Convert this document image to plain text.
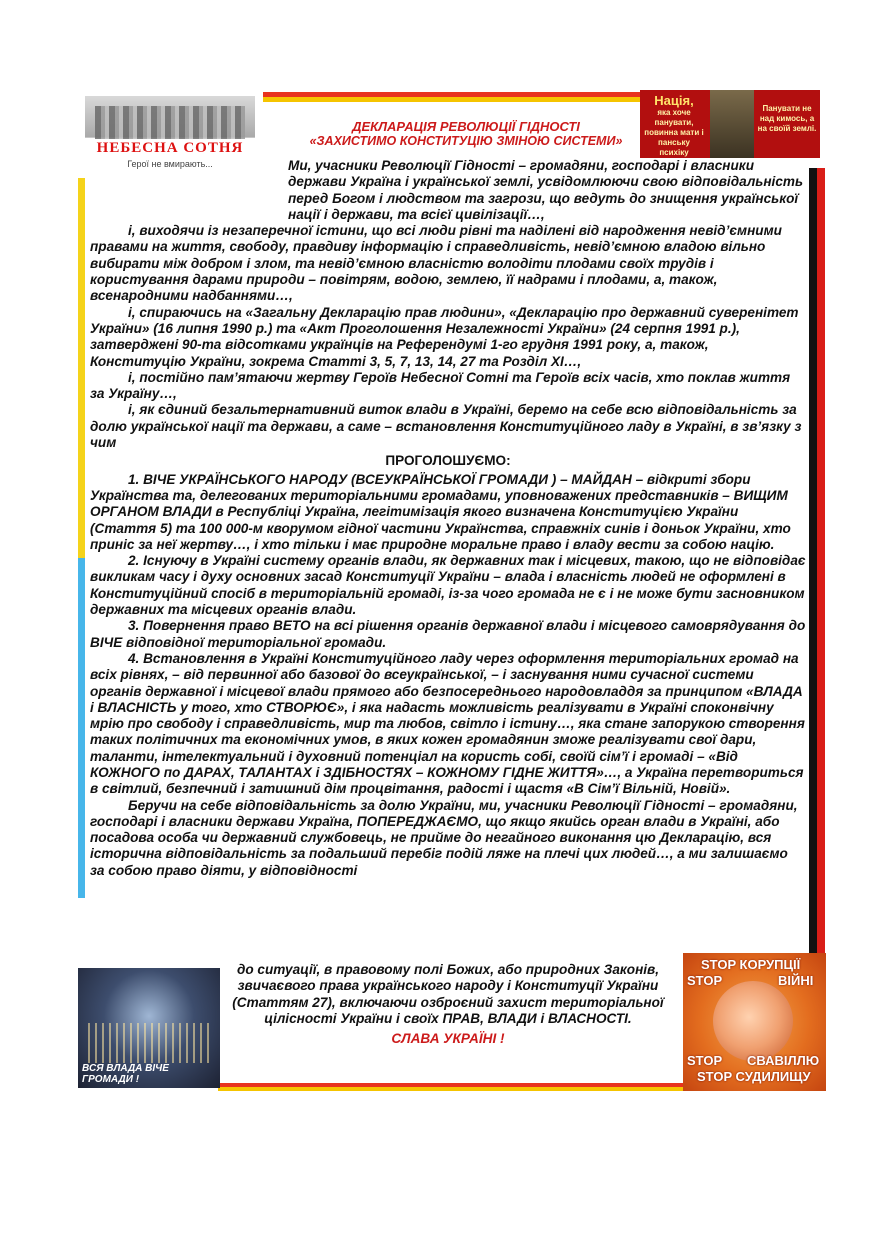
НЕБЕСНА СОТНЯ
Герої не вмирають...
Нація,
яка хоче панувати, повинна мати і панську психіку
Панувати не над кимось, а на своїй землі.
ДЕКЛАРАЦІЯ РЕВОЛЮЦІЇ ГІДНОСТІ
«ЗАХИСТИМО КОНСТИТУЦІЮ ЗМІНОЮ СИСТЕМИ»

Ми, учасники Революції Гідності – громадяни, господарі і власники держави Україна і української землі, усвідомлюючи свою відповідальність перед Богом і людством та загрози, що ведуть до знищення української нації і держави, та всієї цивілізації…,

і, виходячи із незаперечної істини, що всі люди рівні та наділені від народження невід’ємними правами на життя, свободу, правдиву інформацію і справедливість, невід’ємною владою вільно вибирати між добром і злом, та невід’ємною власністю володіти плодами своїх трудів і користування дарами природи – повітрям, водою, землею, її надрами і плодами, а, також, всенародними надбаннями…,

і, спираючись на «Загальну Декларацію прав людини», «Декларацію про державний суверенітет України» (16 липня 1990 р.) та «Акт Проголошення Незалежності України» (24 серпня 1991 р.), затверджені 90-та відсотками українців на Референдумі 1-го грудня 1991 року, а, також, Конституцію України, зокрема Статті 3, 5, 7, 13, 14, 27 та Розділ XI…,

і, постійно пам’ятаючи жертву Героїв Небесної Сотні та Героїв всіх часів, хто поклав життя за Україну…,

і, як єдиний безальтернативний виток влади в Україні, беремо на себе всю відповідальність за долю української нації та держави, а саме – встановлення Конституційного ладу в Україні, в зв’язку з чим

ПРОГОЛОШУЄМО:

1. ВІЧЕ УКРАЇНСЬКОГО НАРОДУ (ВСЕУКРАЇНСЬКОЇ ГРОМАДИ ) – МАЙДАН – відкриті збори Українства та, делегованих територіальними громадами, уповноважених представників – ВИЩИМ ОРГАНОМ ВЛАДИ в Республіці Україна, легітимізація якого визначена Конституцією України (Стаття 5) та 100 000-м кворумом гідної частини Українства, справжніх синів і доньок України, хто приніс за неї жертву…, і хто тільки і має природне моральне право і владу вести за собою націю.

2. Існуючу в Україні систему органів влади, як державних так і місцевих, такою, що не відповідає викликам часу і духу основних засад Конституції України – влада і власність людей не оформлені в Конституційний спосіб в територіальній громаді, із-за чого громада не є і не може бути засновником державних та місцевих органів влади.

3. Повернення право ВЕТО на всі рішення органів державної влади і місцевого самоврядування до ВІЧЕ відповідної територіальної громади.

4. Встановлення в Україні Конституційного ладу через оформлення територіальних громад на всіх рівнях, – від первинної або базової до всеукраїнської, – і заснування ними сучасної системи органів державної і місцевої влади прямого або безпосереднього народовладдя за принципом «ВЛАДА і ВЛАСНІСТЬ у того, хто СТВОРЮЄ», і яка надасть можливість реалізувати в Україні споконвічну мрію про свободу і справедливість, мир та любов, світло і істину…, яка стане запорукою створення таких політичних та економічних умов, в яких кожен громадянин зможе реалізувати свої дари, таланти, інтелектуальний і духовний потенціал на користь собі, своїй сім’ї і громаді – «Від КОЖНОГО по ДАРАХ, ТАЛАНТАХ і ЗДІБНОСТЯХ – КОЖНОМУ ГІДНЕ ЖИТТЯ»…, а Україна перетвориться в світлий, безпечний і затишний дім процвітання, радості і щастя «В Сім’ї Вільній, Новій».

Беручи на себе відповідальність за долю України, ми, учасники Революції Гідності – громадяни, господарі і власники держави Україна, ПОПЕРЕДЖАЄМО, що якщо якийсь орган влади в Україні, або посадова особа чи державний службовець, не прийме до негайного виконання цю Декларацію, вся історична відповідальність за подальший перебіг подій ляже на плечі цих людей…, а ми залишаємо за собою право діяти, у відповідності

ВСЯ ВЛАДА ВІЧЕ ГРОМАДИ !

до ситуації, в правовому полі Божих, або природних Законів, звичаєвого права українського народу і Конституції України (Статтям 27), включаючи озброєний захист територіальної цілісності України і своїх ПРАВ, ВЛАДИ і ВЛАСНОСТІ.

СЛАВА УКРАЇНІ !

STOP КОРУПЦІЇ
STOP	ВІЙНІ
STOP СВАВІЛЛЮ
STOP СУДИЛИЩУ
